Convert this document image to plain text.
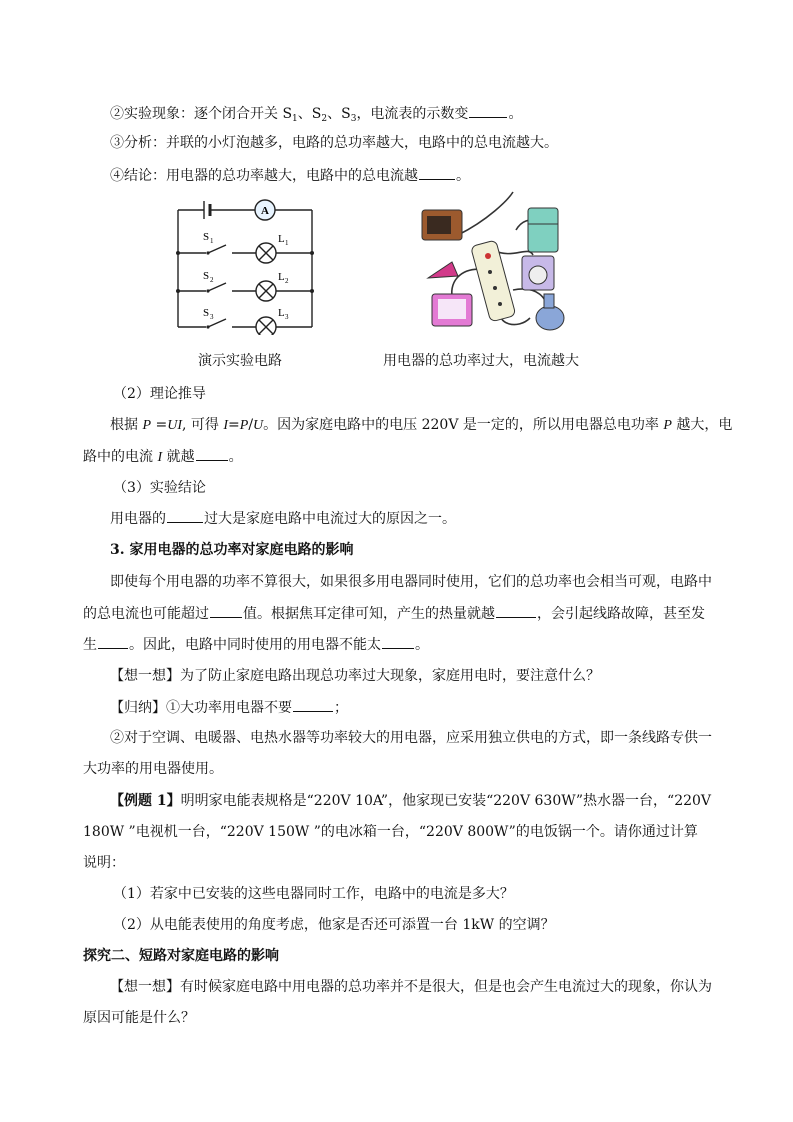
②实验现象：逐个闭合开关 $S_1$、$S_2$、$S_3$，电流表的示数变	。
③分析：并联的小灯泡越多，电路的总功率越大，电路中的总电流越大。
④结论：用电器的总功率越大，电路中的总电流越	。
A
S 1
S 2
S 3
L 1
L 2
L 3
演示实验电路	用电器的总功率过大，电流越大
（2）理论推导
根据 P =UI, 可得 I=P/U。因为家庭电路中的电压 220V 是一定的，所以用电器总电功率 P 越大，电
路中的电流 I 就越 。
（3）实验结论
用电器的	过大是家庭电路中电流过大的原因之一。
3. 家用电器的总功率对家庭电路的影响
即使每个用电器的功率不算很大，如果很多用电器同时使用，它们的总功率也会相当可观，电路中
的总电流也可能超过 值。根据焦耳定律可知，产生的热量就越	，会引起线路故障，甚至发
生 。因此，电路中同时使用的用电器不能太 。
【想一想】为了防止家庭电路出现总功率过大现象，家庭用电时，要注意什么？
【归纳】①大功率用电器不要	；
②对于空调、电暖器、电热水器等功率较大的用电器，应采用独立供电的方式，即一条线路专供一
大功率的用电器使用。
【例题 1】明明家电能表规格是“220V 10A”，他家现已安装“220V 630W”热水器一台，“220V
180W ”电视机一台，“220V 150W ”的电冰箱一台，“220V 800W”的电饭锅一个。请你通过计算
说明：
（1）若家中已安装的这些电器同时工作，电路中的电流是多大？
（2）从电能表使用的角度考虑，他家是否还可添置一台 1kW 的空调？
探究二、短路对家庭电路的影响
【想一想】有时候家庭电路中用电器的总功率并不是很大，但是也会产生电流过大的现象，你认为
原因可能是什么？
